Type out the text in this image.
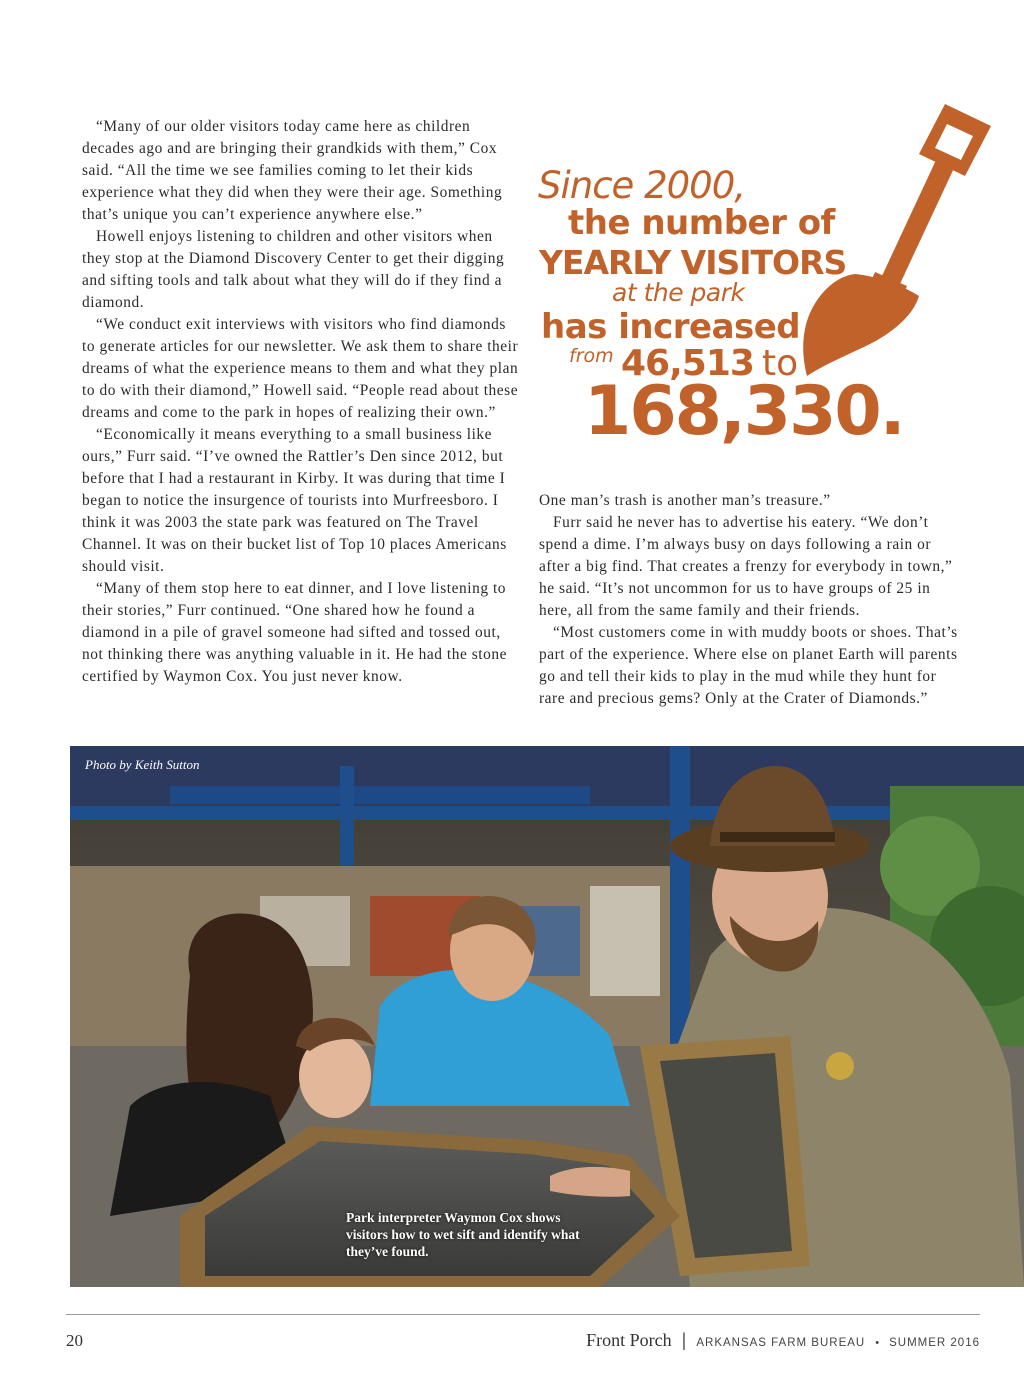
“Many of our older visitors today came here as children decades ago and are bringing their grandkids with them,” Cox said. “All the time we see families coming to let their kids experience what they did when they were their age. Something that’s unique you can’t experience anywhere else.”

Howell enjoys listening to children and other visitors when they stop at the Diamond Discovery Center to get their digging and sifting tools and talk about what they will do if they find a diamond.

“We conduct exit interviews with visitors who find diamonds to generate articles for our newsletter. We ask them to share their dreams of what the experience means to them and what they plan to do with their diamond,” Howell said. “People read about these dreams and come to the park in hopes of realizing their own.”

“Economically it means everything to a small business like ours,” Furr said. “I’ve owned the Rattler’s Den since 2012, but before that I had a restaurant in Kirby. It was during that time I began to notice the insurgence of tourists into Murfreesboro. I think it was 2003 the state park was featured on The Travel Channel. It was on their bucket list of Top 10 places Americans should visit.

“Many of them stop here to eat dinner, and I love listening to their stories,” Furr continued. “One shared how he found a diamond in a pile of gravel someone had sifted and tossed out, not thinking there was anything valuable in it. He had the stone certified by Waymon Cox. You just never know.

Since 2000,
the number of
YEARLY VISITORS
at the park
has increased
from 46,513 to
168,330.

One man’s trash is another man’s treasure.”

Furr said he never has to advertise his eatery. “We don’t spend a dime. I’m always busy on days following a rain or after a big find. That creates a frenzy for everybody in town,” he said. “It’s not uncommon for us to have groups of 25 in here, all from the same family and their friends.

“Most customers come in with muddy boots or shoes. That’s part of the experience. Where else on planet Earth will parents go and tell their kids to play in the mud while they hunt for rare and precious gems? Only at the Crater of Diamonds.”

Photo by Keith Sutton
Park interpreter Waymon Cox shows visitors how to wet sift and identify what they’ve found.
20	Front Porch | ARKANSAS FARM BUREAU • SUMMER 2016
